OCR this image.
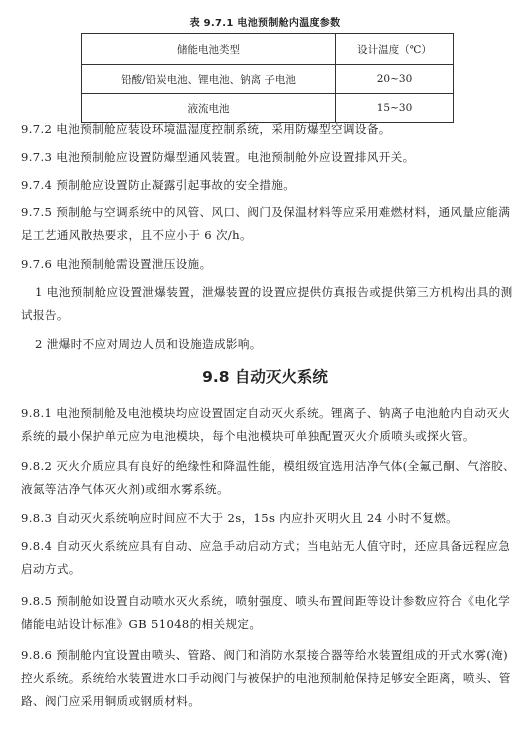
表 9.7.1 电池预制舱内温度参数
储能电池类型	设计温度（℃）
铅酸/铅炭电池、锂电池、钠离 子电池	20~30
液流电池	15~30

9.7.2 电池预制舱应装设环境温湿度控制系统，采用防爆型空调设备。

9.7.3 电池预制舱应设置防爆型通风装置。电池预制舱外应设置排风开关。

9.7.4 预制舱应设置防止凝露引起事故的安全措施。

9.7.5 预制舱与空调系统中的风管、风口、阀门及保温材料等应采用难燃材料，通风量应能满足工艺通风散热要求，且不应小于 6 次/h。

9.7.6 电池预制舱需设置泄压设施。

1 电池预制舱应设置泄爆装置，泄爆装置的设置应提供仿真报告或提供第三方机构出具的测试报告。

2 泄爆时不应对周边人员和设施造成影响。

9.8 自动灭火系统

9.8.1 电池预制舱及电池模块均应设置固定自动灭火系统。锂离子、钠离子电池舱内自动灭火系统的最小保护单元应为电池模块，每个电池模块可单独配置灭火介质喷头或探火管。

9.8.2 灭火介质应具有良好的绝缘性和降温性能，模组级宜选用洁净气体(全氟己酮、气溶胶、液氮等洁净气体灭火剂)或细水雾系统。

9.8.3 自动灭火系统响应时间应不大于 2s，15s 内应扑灭明火且 24 小时不复燃。

9.8.4 自动灭火系统应具有自动、应急手动启动方式；当电站无人值守时，还应具备远程应急启动方式。

9.8.5 预制舱如设置自动喷水灭火系统，喷射强度、喷头布置间距等设计参数应符合《电化学储能电站设计标准》GB 51048的相关规定。

9.8.6 预制舱内宜设置由喷头、管路、阀门和消防水泵接合器等给水装置组成的开式水雾(淹)控火系统。系统给水装置进水口手动阀门与被保护的电池预制舱保持足够安全距离，喷头、管路、阀门应采用铜质或钢质材料。
